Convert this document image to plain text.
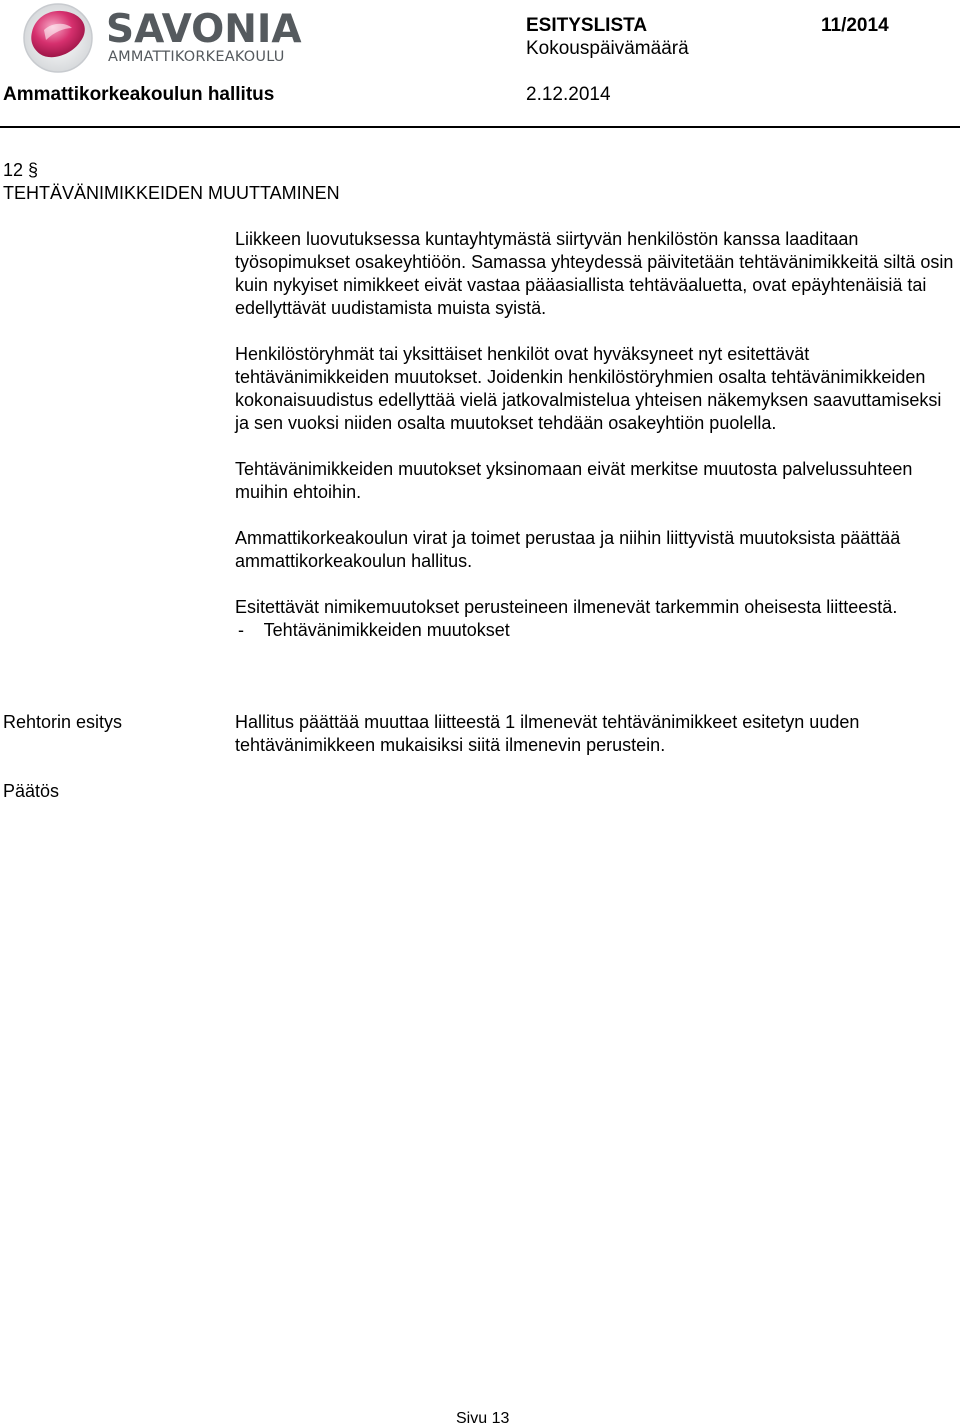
SAVONIA
AMMATTIKORKEAKOULU
ESITYSLISTA	11/2014
Kokouspäivämäärä
Ammattikorkeakoulun hallitus	2.12.2014
12 §
TEHTÄVÄNIMIKKEIDEN MUUTTAMINEN

Liikkeen luovutuksessa kuntayhtymästä siirtyvän henkilöstön kanssa laaditaan työsopimukset osakeyhtiöön. Samassa yhteydessä päivitetään tehtävänimikkeitä siltä osin kuin nykyiset nimikkeet eivät vastaa pääasiallista tehtäväaluetta, ovat epäyhtenäisiä tai edellyttävät uudistamista muista syistä.

Henkilöstöryhmät tai yksittäiset henkilöt ovat hyväksyneet nyt esitettävät tehtävänimikkeiden muutokset. Joidenkin henkilöstöryhmien osalta tehtävänimikkeiden kokonaisuudistus edellyttää vielä jatkovalmistelua yhteisen näkemyksen saavuttamiseksi ja sen vuoksi niiden osalta muutokset tehdään osakeyhtiön puolella.

Tehtävänimikkeiden muutokset yksinomaan eivät merkitse muutosta palvelussuhteen muihin ehtoihin.

Ammattikorkeakoulun virat ja toimet perustaa ja niihin liittyvistä muutoksista päättää ammattikorkeakoulun hallitus.

Esitettävät nimikemuutokset perusteineen ilmenevät tarkemmin oheisesta liitteestä.

-    Tehtävänimikkeiden muutokset

Rehtorin esitys	Hallitus päättää muuttaa liitteestä 1 ilmenevät tehtävänimikkeet esitetyn uuden tehtävänimikkeen mukaisiksi siitä ilmenevin perustein.
Päätös
Sivu 13
